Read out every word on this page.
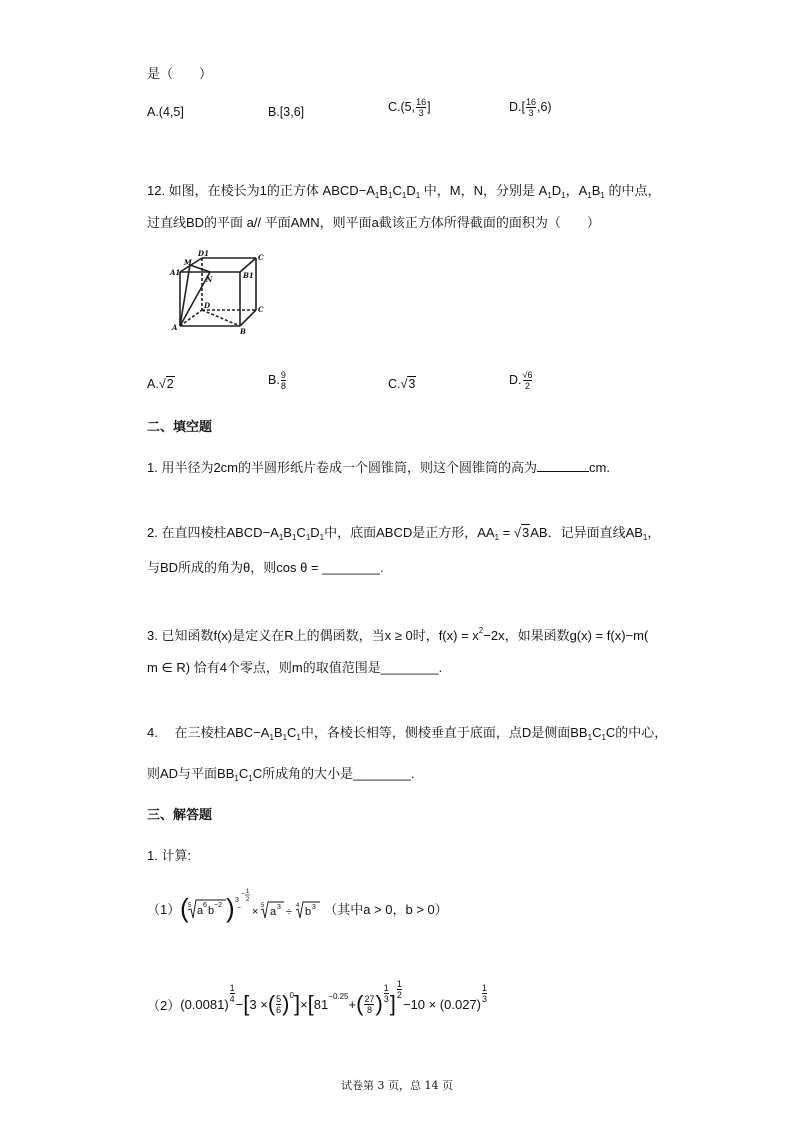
是（　　）
A.(4,5]	B.[3,6]	C.(5, $\frac{16}{3}$ ]	$D.[ \frac{16}{3} ,6)$
12. 如图，在棱长为1的正方体 $ABCD-A_1B_1C_1D_1$ 中，M，N，分别是 $A_1D_1$，$A_1B_1$ 的中点，
过直线BD的平面 a// 平面AMN，则平面a截该正方体所得截面的面积为（　　）
D1	C
M
A1
N	B1
D	C
A	B
A.√2	B. $\frac{9}{8}$	C.√3	D. $\frac{√6}{2}$
二、填空题
1. 用半径为2cm的半圆形纸片卷成一个圆锥筒，则这个圆锥筒的高为	cm.
2. 在直四棱柱$ABCD-A_1B_1C_1D_1$中，底面ABCD是正方形，$AA_1 = √3AB$．记异面直线$AB_1$，
与BD所成的角为θ，则cos θ = ________.
3. 已知函数f(x)是定义在R上的偶函数，当x ≥ 0时，$f(x) = x^2-2x$，如果函数g(x) = f(x)−m(
m ∈ R) 恰有4个零点，则m的取值范围是________.
4.　 在三棱柱$ABC-A_1B_1C_1$中，各棱长相等，侧棱垂直于底面，点D是侧面$BB_1C_1C$的中心，
则AD与平面$BB_1C_1C$所成角的大小是________.
三、解答题
1. 计算:
（1） ( 5 a 6 b −2 ) 3
−
− 1
2
× 5 a 3 ÷ 4 b 3 （其中a > 0，b > 0）
（2） (0.0081)
$\frac{1}{4}$
− [ 3 × ( $\frac{5}{6}$ ) 0 ] × [ 81
−0.25
+ ( $\frac{27}{8}$ ) $\frac{1}{3}$ ]
$\frac{1}{2}$
−10 × (0.027)
$\frac{1}{3}$
试卷第 3 页，总 14 页
